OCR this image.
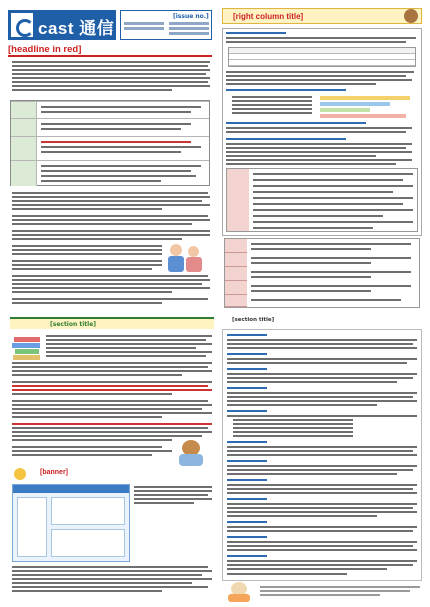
cast 通信
[issue no.]
[headline in red]
[right column title]
[section title]
[banner]
[section title]
